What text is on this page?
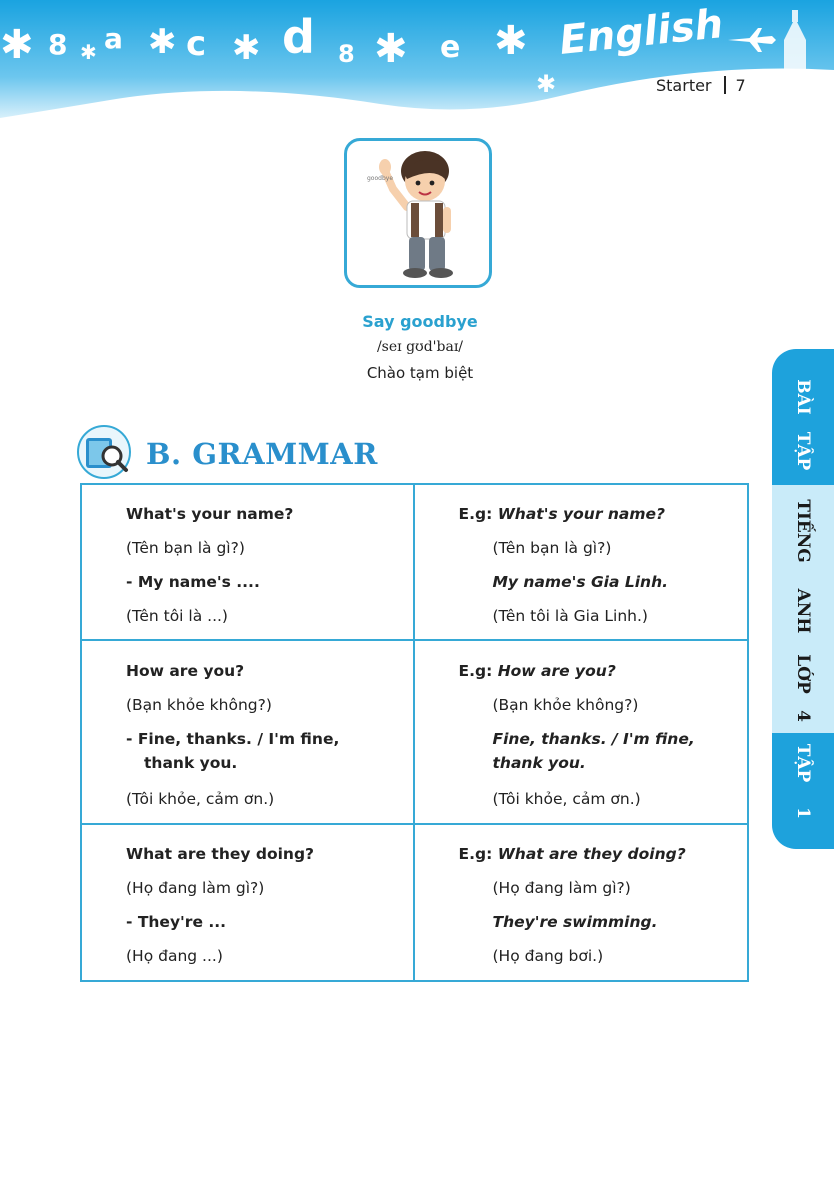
✱ 8 ✱ a ✱ c ✱ d 8 ✱ e ✱
✱
English
Starter 7
goodbye
Say goodbye
/seɪ gʊd'baɪ/
Chào tạm biệt
B. GRAMMAR
What's your name?
(Tên bạn là gì?)
- My name's ....
(Tên tôi là ...)
E.g: What's your name?
(Tên bạn là gì?)
My name's Gia Linh.
(Tên tôi là Gia Linh.)
How are you?
(Bạn khỏe không?)
- Fine, thanks. / I'm fine,
thank you.
(Tôi khỏe, cảm ơn.)
E.g: How are you?
(Bạn khỏe không?)
Fine, thanks. / I'm fine,
thank you.
(Tôi khỏe, cảm ơn.)
What are they doing?
(Họ đang làm gì?)
- They're ...
(Họ đang ...)
E.g: What are they doing?
(Họ đang làm gì?)
They're swimming.
(Họ đang bơi.)
BÀI
TẬP
TIẾNG
ANH
LỚP
4
TẬP
1
